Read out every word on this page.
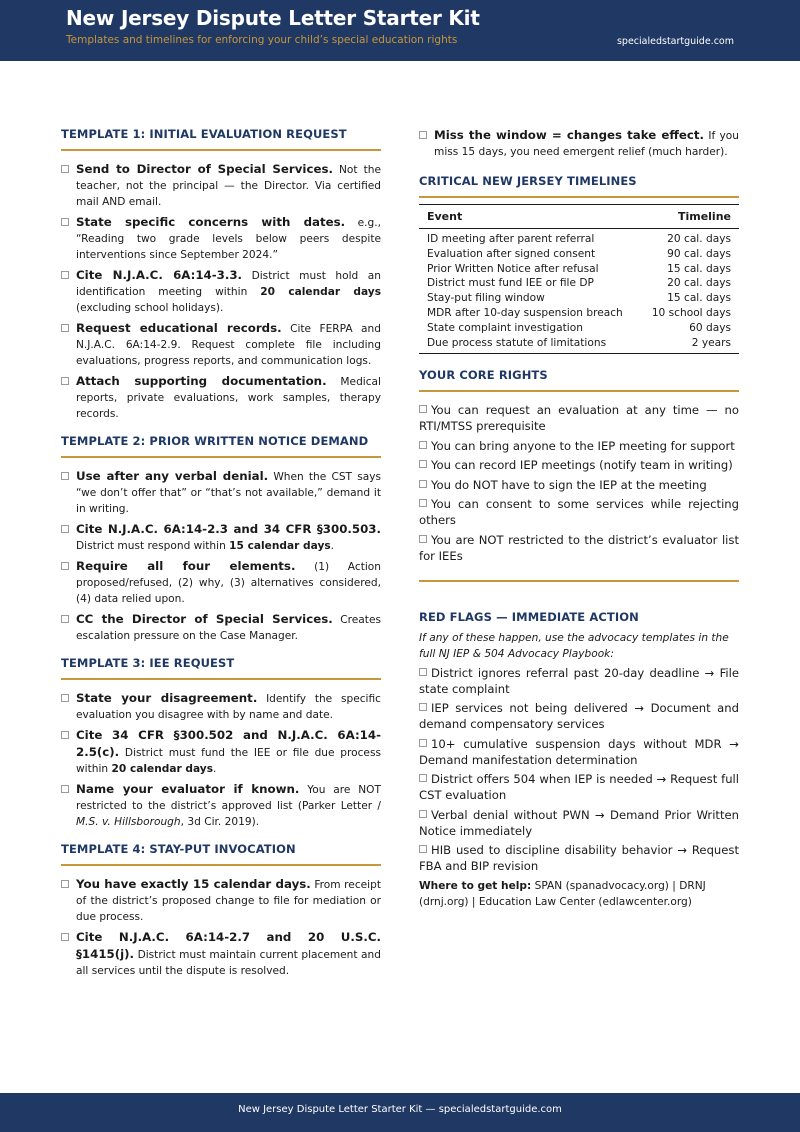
New Jersey Dispute Letter Starter Kit
Templates and timelines for enforcing your child’s special education rights	specialedstartguide.com
TEMPLATE 1: INITIAL EVALUATION REQUEST
Send to Director of Special Services. Not the teacher, not the principal — the Director. Via certified mail AND email.
State specific concerns with dates. e.g., “Reading two grade levels below peers despite interventions since September 2024.”
Cite N.J.A.C. 6A:14-3.3. District must hold an identification meeting within 20 calendar days (excluding school holidays).
Request educational records. Cite FERPA and N.J.A.C. 6A:14-2.9. Request complete file including evaluations, progress reports, and communication logs.
Attach supporting documentation. Medical reports, private evaluations, work samples, therapy records.
TEMPLATE 2: PRIOR WRITTEN NOTICE DEMAND
Use after any verbal denial. When the CST says “we don’t offer that” or “that’s not available,” demand it in writing.
Cite N.J.A.C. 6A:14-2.3 and 34 CFR §300.503. District must respond within 15 calendar days.
Require all four elements. (1) Action proposed/refused, (2) why, (3) alternatives considered, (4) data relied upon.
CC the Director of Special Services. Creates escalation pressure on the Case Manager.
TEMPLATE 3: IEE REQUEST
State your disagreement. Identify the specific evaluation you disagree with by name and date.
Cite 34 CFR §300.502 and N.J.A.C. 6A:14-2.5(c). District must fund the IEE or file due process within 20 calendar days.
Name your evaluator if known. You are NOT restricted to the district’s approved list (Parker Letter / M.S. v. Hillsborough, 3d Cir. 2019).
TEMPLATE 4: STAY-PUT INVOCATION
You have exactly 15 calendar days. From receipt of the district’s proposed change to file for mediation or due process.
Cite N.J.A.C. 6A:14-2.7 and 20 U.S.C. §1415(j). District must maintain current placement and all services until the dispute is resolved.
Miss the window = changes take effect. If you miss 15 days, you need emergent relief (much harder).
CRITICAL NEW JERSEY TIMELINES
Event	Timeline
ID meeting after parent referral	20 cal. days
Evaluation after signed consent	90 cal. days
Prior Written Notice after refusal	15 cal. days
District must fund IEE or file DP	20 cal. days
Stay-put filing window	15 cal. days
MDR after 10-day suspension breach	10 school days
State complaint investigation	60 days
Due process statute of limitations	2 years
YOUR CORE RIGHTS
You can request an evaluation at any time — no RTI/MTSS prerequisite
You can bring anyone to the IEP meeting for support
You can record IEP meetings (notify team in writing)
You do NOT have to sign the IEP at the meeting
You can consent to some services while rejecting others
You are NOT restricted to the district’s evaluator list for IEEs
RED FLAGS — IMMEDIATE ACTION
If any of these happen, use the advocacy templates in the full NJ IEP & 504 Advocacy Playbook:
District ignores referral past 20-day deadline → File state complaint
IEP services not being delivered → Document and demand compensatory services
10+ cumulative suspension days without MDR → Demand manifestation determination
District offers 504 when IEP is needed → Request full CST evaluation
Verbal denial without PWN → Demand Prior Written Notice immediately
HIB used to discipline disability behavior → Request FBA and BIP revision
Where to get help: SPAN (spanadvocacy.org) | DRNJ (drnj.org) | Education Law Center (edlawcenter.org)
New Jersey Dispute Letter Starter Kit — specialedstartguide.com
